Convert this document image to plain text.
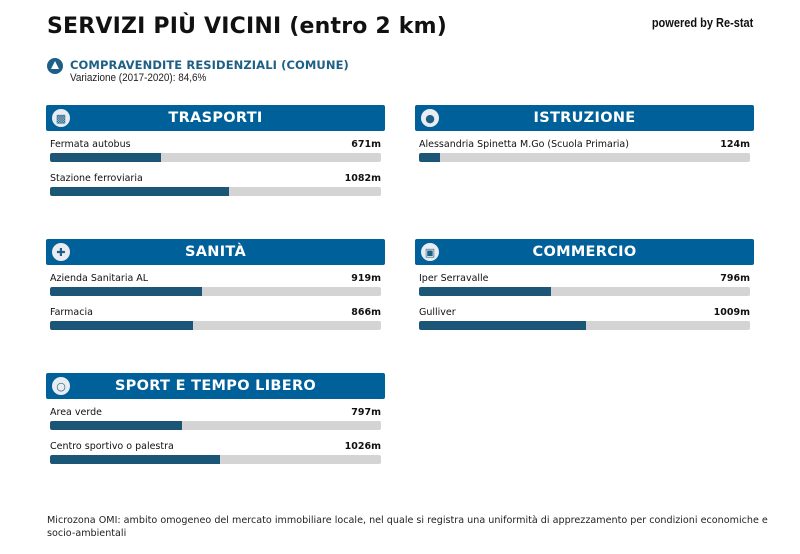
SERVIZI PIÙ VICINI (entro 2 km)	powered by Re-stat
COMPRAVENDITE RESIDENZIALI (COMUNE)
Variazione (2017-2020): 84,6%
▩	TRASPORTI
Fermata autobus	671m
Stazione ferroviaria	1082m
●	ISTRUZIONE
Alessandria Spinetta M.Go (Scuola Primaria)	124m
✚	SANITÀ
Azienda Sanitaria AL	919m
Farmacia	866m
▣	COMMERCIO
Iper Serravalle	796m
Gulliver	1009m
○	SPORT E TEMPO LIBERO
Area verde	797m
Centro sportivo o palestra	1026m
Microzona OMI: ambito omogeneo del mercato immobiliare locale, nel quale si registra una uniformità di apprezzamento per condizioni economiche e socio-ambientali
